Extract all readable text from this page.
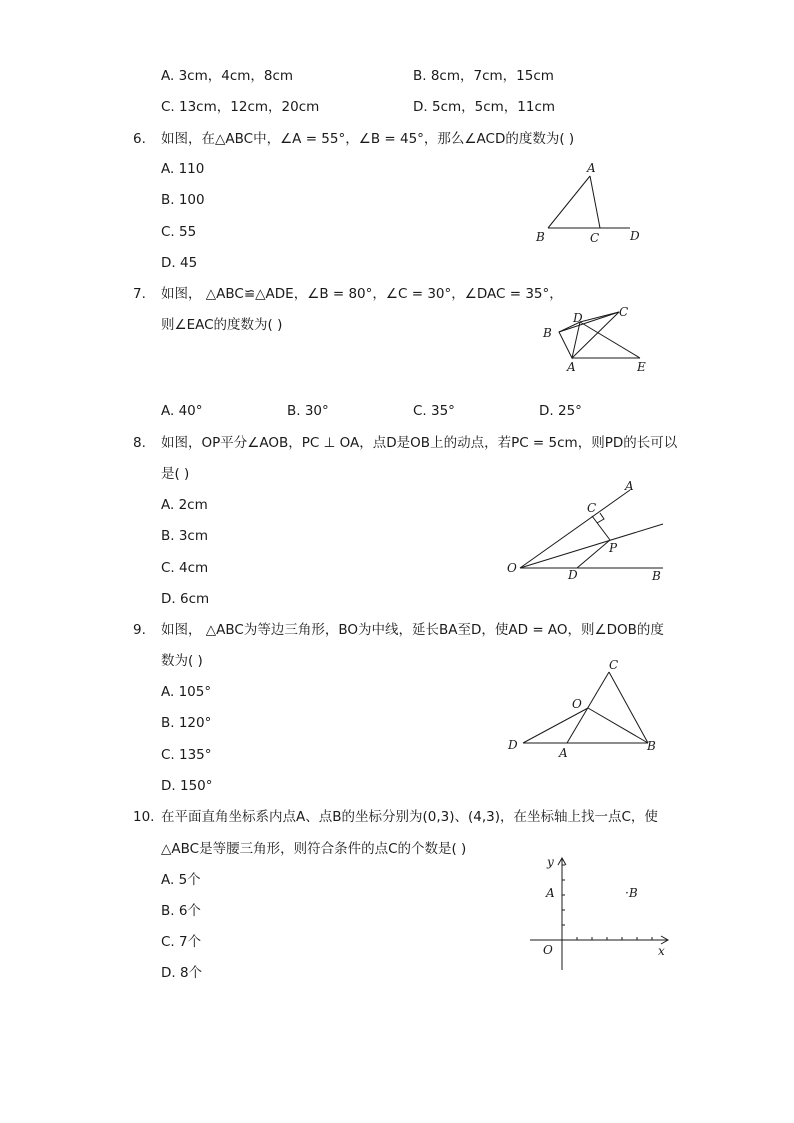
A. 3cm，4cm，8cm	B. 8cm，7cm，15cm
C. 13cm，12cm，20cm	D. 5cm，5cm，11cm
6. 如图，在△ABC中，∠A = 55°，∠B = 45°，那么∠ACD的度数为( )
A. 110
B. 100
C. 55
D. 45
A
B	C	D
7. 如图， △ABC≌△ADE，∠B = 80°，∠C = 30°，∠DAC = 35°，
则∠EAC的度数为( )	D	C
B
A	E
A. 40°	B. 30°	C. 35°	D. 25°
8. 如图，OP平分∠AOB，PC ⊥ OA，点D是OB上的动点，若PC = 5cm，则PD的长可以
是( )
A. 2cm
B. 3cm
C. 4cm
D. 6cm
A
C
P
O	D	B
9. 如图， △ABC为等边三角形，BO为中线，延长BA至D，使AD = AO，则∠DOB的度
数为( )
A. 105°
B. 120°
C. 135°
D. 150°
C
O
D
A	B
10. 在平面直角坐标系内点A、点B的坐标分别为(0,3)、(4,3)，在坐标轴上找一点C，使
△ABC是等腰三角形，则符合条件的点C的个数是( )
A. 5个
B. 6个
C. 7个
D. 8个
y
x
O
A	·B
